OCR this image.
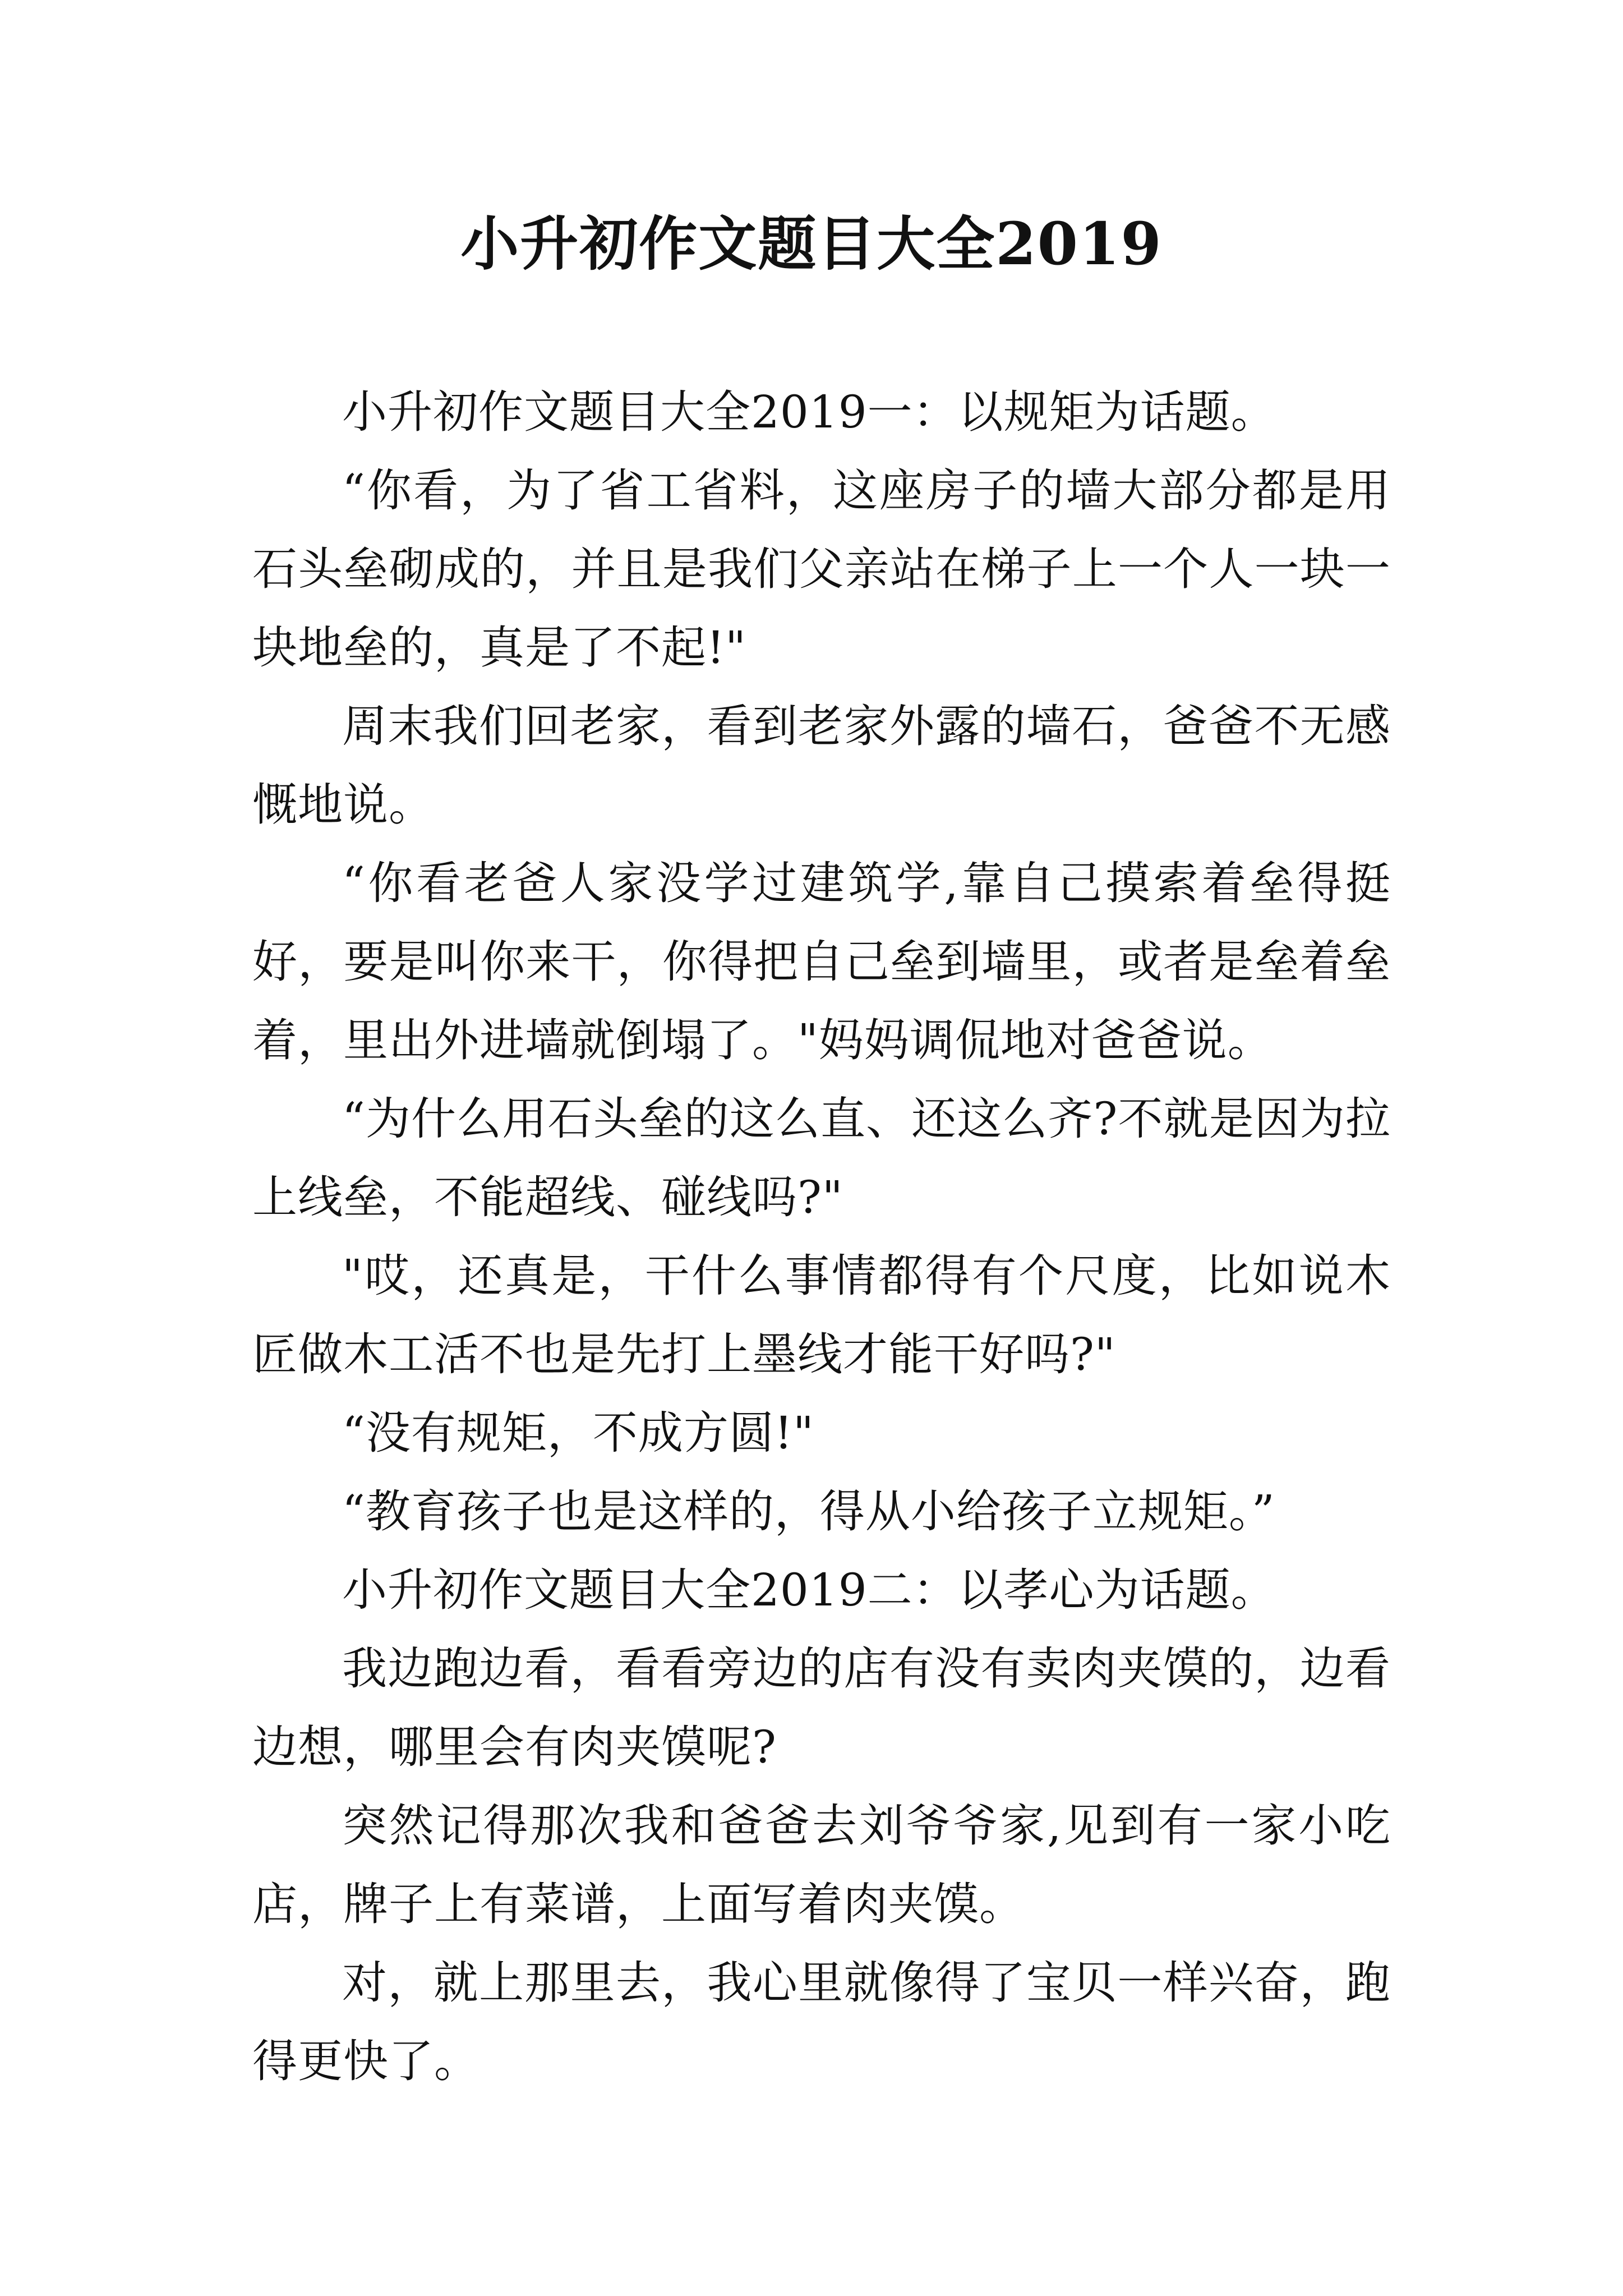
小升初作文题目大全2019

小升初作文题目大全2019一：以规矩为话题。

“你看，为了省工省料，这座房子的墙大部分都是用石头垒砌成的，并且是我们父亲站在梯子上一个人一块一块地垒的，真是了不起!"

周末我们回老家，看到老家外露的墙石，爸爸不无感慨地说。

“你看老爸人家没学过建筑学,靠自己摸索着垒得挺好，要是叫你来干，你得把自己垒到墙里，或者是垒着垒着，里出外进墙就倒塌了。"妈妈调侃地对爸爸说。

“为什么用石头垒的这么直、还这么齐?不就是因为拉上线垒，不能超线、碰线吗?"

"哎，还真是，干什么事情都得有个尺度，比如说木匠做木工活不也是先打上墨线才能干好吗?"

“没有规矩，不成方圆!"

“教育孩子也是这样的，得从小给孩子立规矩。”

小升初作文题目大全2019二：以孝心为话题。

我边跑边看，看看旁边的店有没有卖肉夹馍的，边看边想，哪里会有肉夹馍呢?

突然记得那次我和爸爸去刘爷爷家,见到有一家小吃店，牌子上有菜谱，上面写着肉夹馍。

对，就上那里去，我心里就像得了宝贝一样兴奋，跑得更快了。
